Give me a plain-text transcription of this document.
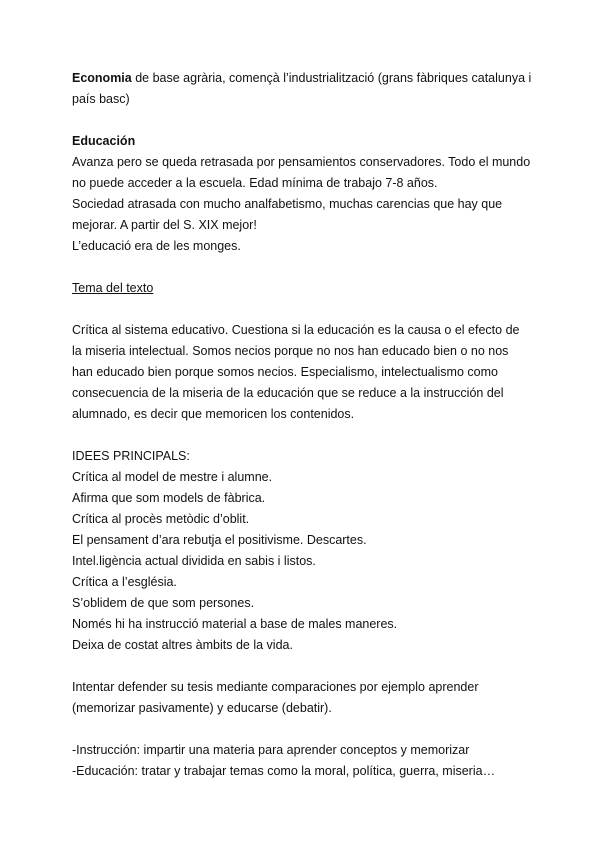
Economia de base agrària, començà l’industrialització (grans fàbriques catalunya i país basc)

Educación

Avanza pero se queda retrasada por pensamientos conservadores. Todo el mundo no puede acceder a la escuela. Edad mínima de trabajo 7-8 años.

Sociedad atrasada con mucho analfabetismo, muchas carencias que hay que mejorar. A partir del S. XIX mejor!

L’educació era de les monges.

Tema del texto

Crítica al sistema educativo. Cuestiona si la educación es la causa o el efecto de la miseria intelectual. Somos necios porque no nos han educado bien o no nos han educado bien porque somos necios. Especialismo, intelectualismo como consecuencia de la miseria de la educación que se reduce a la instrucción del alumnado, es decir que memoricen los contenidos.

IDEES PRINCIPALS:

Crítica al model de mestre i alumne.

Afirma que som models de fàbrica.

Crítica al procès metòdic d’oblit.

El pensament d’ara rebutja el positivisme. Descartes.

Intel.ligència actual dividida en sabis i listos.

Crítica a l’església.

S’oblidem de que som persones.

Només hi ha instrucció material a base de males maneres.

Deixa de costat altres àmbits de la vida.

Intentar defender su tesis mediante comparaciones por ejemplo aprender (memorizar pasivamente) y educarse (debatir).

-Instrucción: impartir una materia para aprender conceptos y memorizar

-Educación: tratar y trabajar temas como la moral, política, guerra, miseria…
